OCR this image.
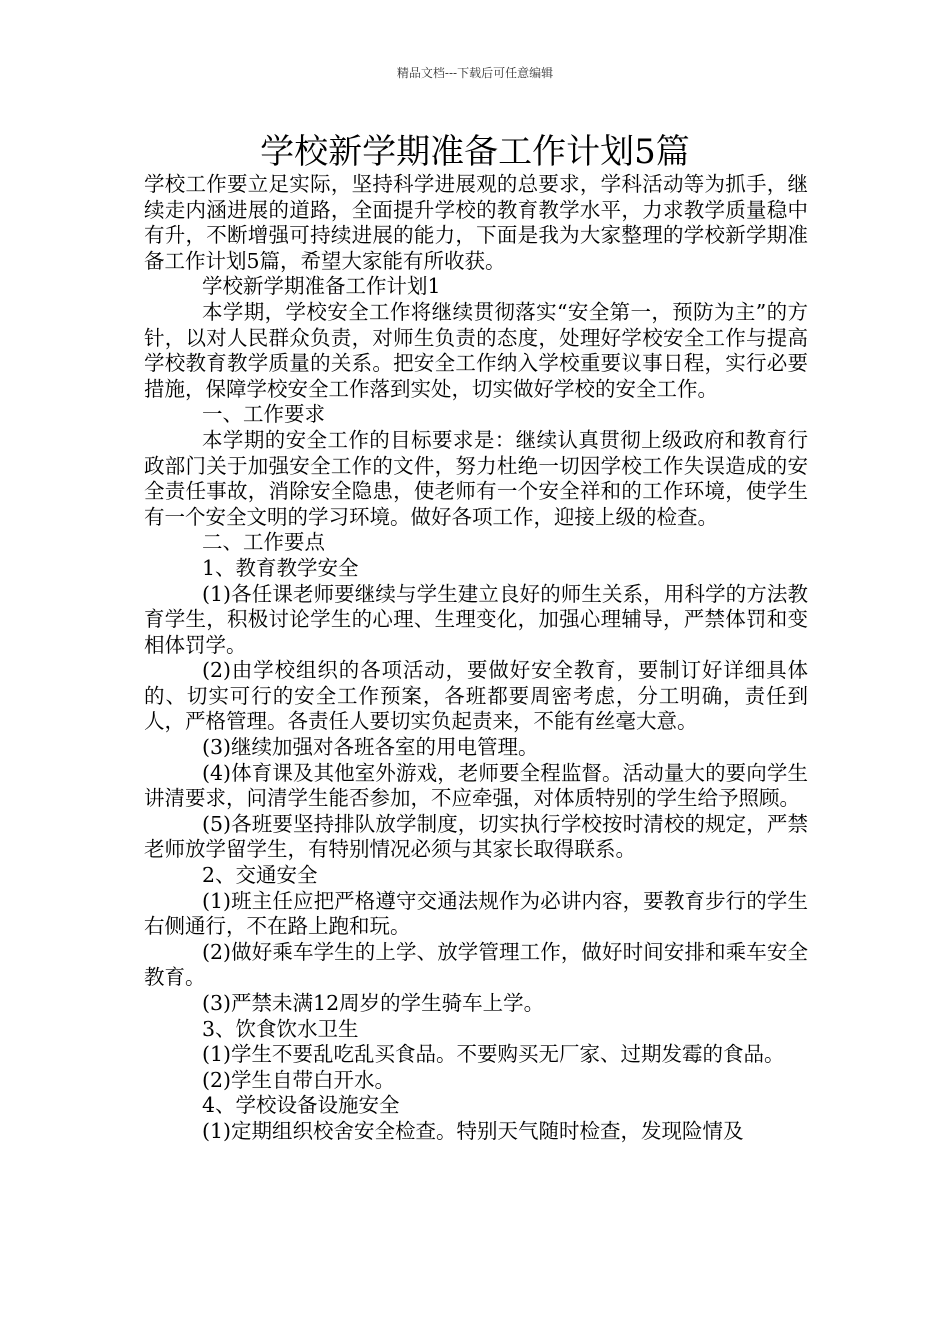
精品文档---下载后可任意编辑
学校新学期准备工作计划5篇

学校工作要立足实际，坚持科学进展观的总要求，学科活动等为抓手，继续走内涵进展的道路，全面提升学校的教育教学水平，力求教学质量稳中有升，不断增强可持续进展的能力，下面是我为大家整理的学校新学期准备工作计划5篇，希望大家能有所收获。

学校新学期准备工作计划1

本学期，学校安全工作将继续贯彻落实“安全第一，预防为主”的方针，以对人民群众负责，对师生负责的态度，处理好学校安全工作与提高学校教育教学质量的关系。把安全工作纳入学校重要议事日程，实行必要措施，保障学校安全工作落到实处，切实做好学校的安全工作。

一、工作要求

本学期的安全工作的目标要求是：继续认真贯彻上级政府和教育行政部门关于加强安全工作的文件，努力杜绝一切因学校工作失误造成的安全责任事故，消除安全隐患，使老师有一个安全祥和的工作环境，使学生有一个安全文明的学习环境。做好各项工作，迎接上级的检查。

二、工作要点

1、教育教学安全

(1)各任课老师要继续与学生建立良好的师生关系，用科学的方法教育学生，积极讨论学生的心理、生理变化，加强心理辅导，严禁体罚和变相体罚学。

(2)由学校组织的各项活动，要做好安全教育，要制订好详细具体的、切实可行的安全工作预案，各班都要周密考虑，分工明确，责任到人，严格管理。各责任人要切实负起责来，不能有丝毫大意。

(3)继续加强对各班各室的用电管理。

(4)体育课及其他室外游戏，老师要全程监督。活动量大的要向学生讲清要求，问清学生能否参加，不应牵强，对体质特别的学生给予照顾。

(5)各班要坚持排队放学制度，切实执行学校按时清校的规定，严禁老师放学留学生，有特别情况必须与其家长取得联系。

2、交通安全

(1)班主任应把严格遵守交通法规作为必讲内容，要教育步行的学生右侧通行，不在路上跑和玩。

(2)做好乘车学生的上学、放学管理工作，做好时间安排和乘车安全教育。

(3)严禁未满12周岁的学生骑车上学。

3、饮食饮水卫生

(1)学生不要乱吃乱买食品。不要购买无厂家、过期发霉的食品。

(2)学生自带白开水。

4、学校设备设施安全

(1)定期组织校舍安全检查。特别天气随时检查，发现险情及
